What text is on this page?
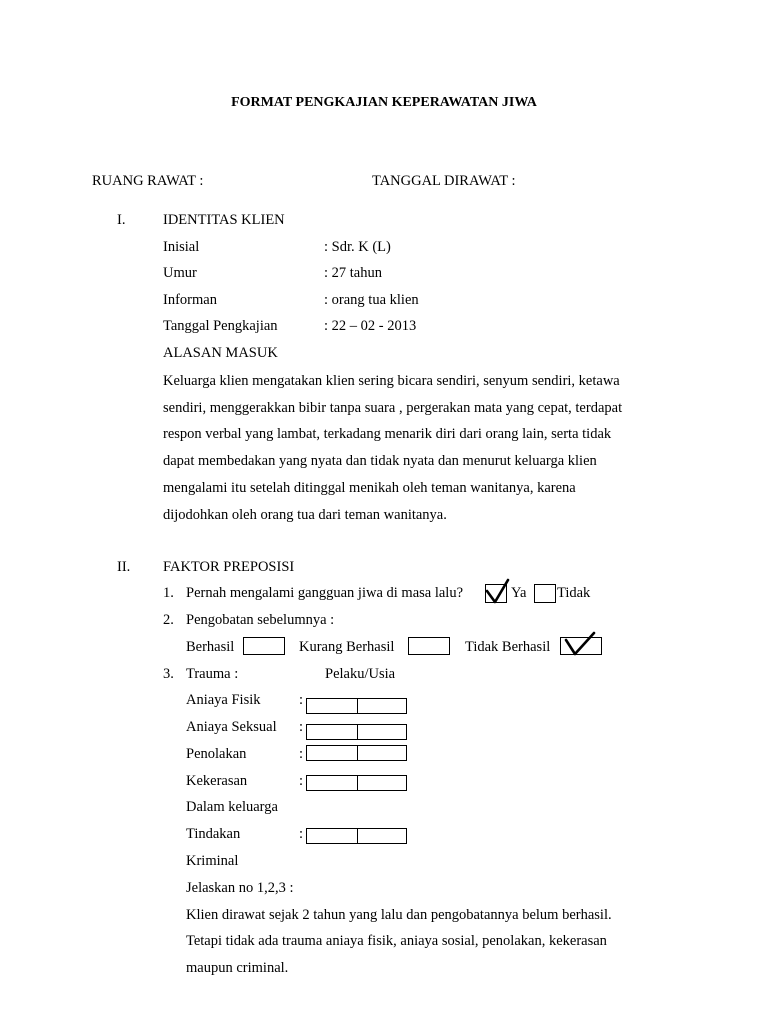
FORMAT PENGKAJIAN KEPERAWATAN JIWA
RUANG RAWAT :	TANGGAL DIRAWAT :
I.	IDENTITAS KLIEN
Inisial	: Sdr. K (L)
Umur	: 27 tahun
Informan	: orang tua klien
Tanggal Pengkajian	: 22 – 02 - 2013
ALASAN MASUK
Keluarga klien mengatakan klien sering bicara sendiri, senyum sendiri, ketawa
sendiri, menggerakkan bibir tanpa suara , pergerakan mata yang cepat, terdapat
respon verbal yang lambat, terkadang menarik diri dari orang lain, serta tidak
dapat membedakan yang nyata dan tidak nyata dan menurut keluarga klien
mengalami itu setelah ditinggal menikah oleh teman wanitanya, karena
dijodohkan oleh orang tua dari teman wanitanya.
II. FAKTOR PREPOSISI
1. Pernah mengalami gangguan jiwa di masa lalu?	Ya Tidak
2. Pengobatan sebelumnya :
Berhasil	Kurang Berhasil	Tidak Berhasil
3. Trauma :	Pelaku/Usia
Aniaya Fisik	:
Aniaya Seksual :
Penolakan	:
Kekerasan	:
Dalam keluarga
Tindakan	:
Kriminal
Jelaskan no 1,2,3 :
Klien dirawat sejak 2 tahun yang lalu dan pengobatannya belum berhasil.
Tetapi tidak ada trauma aniaya fisik, aniaya sosial, penolakan, kekerasan
maupun criminal.
